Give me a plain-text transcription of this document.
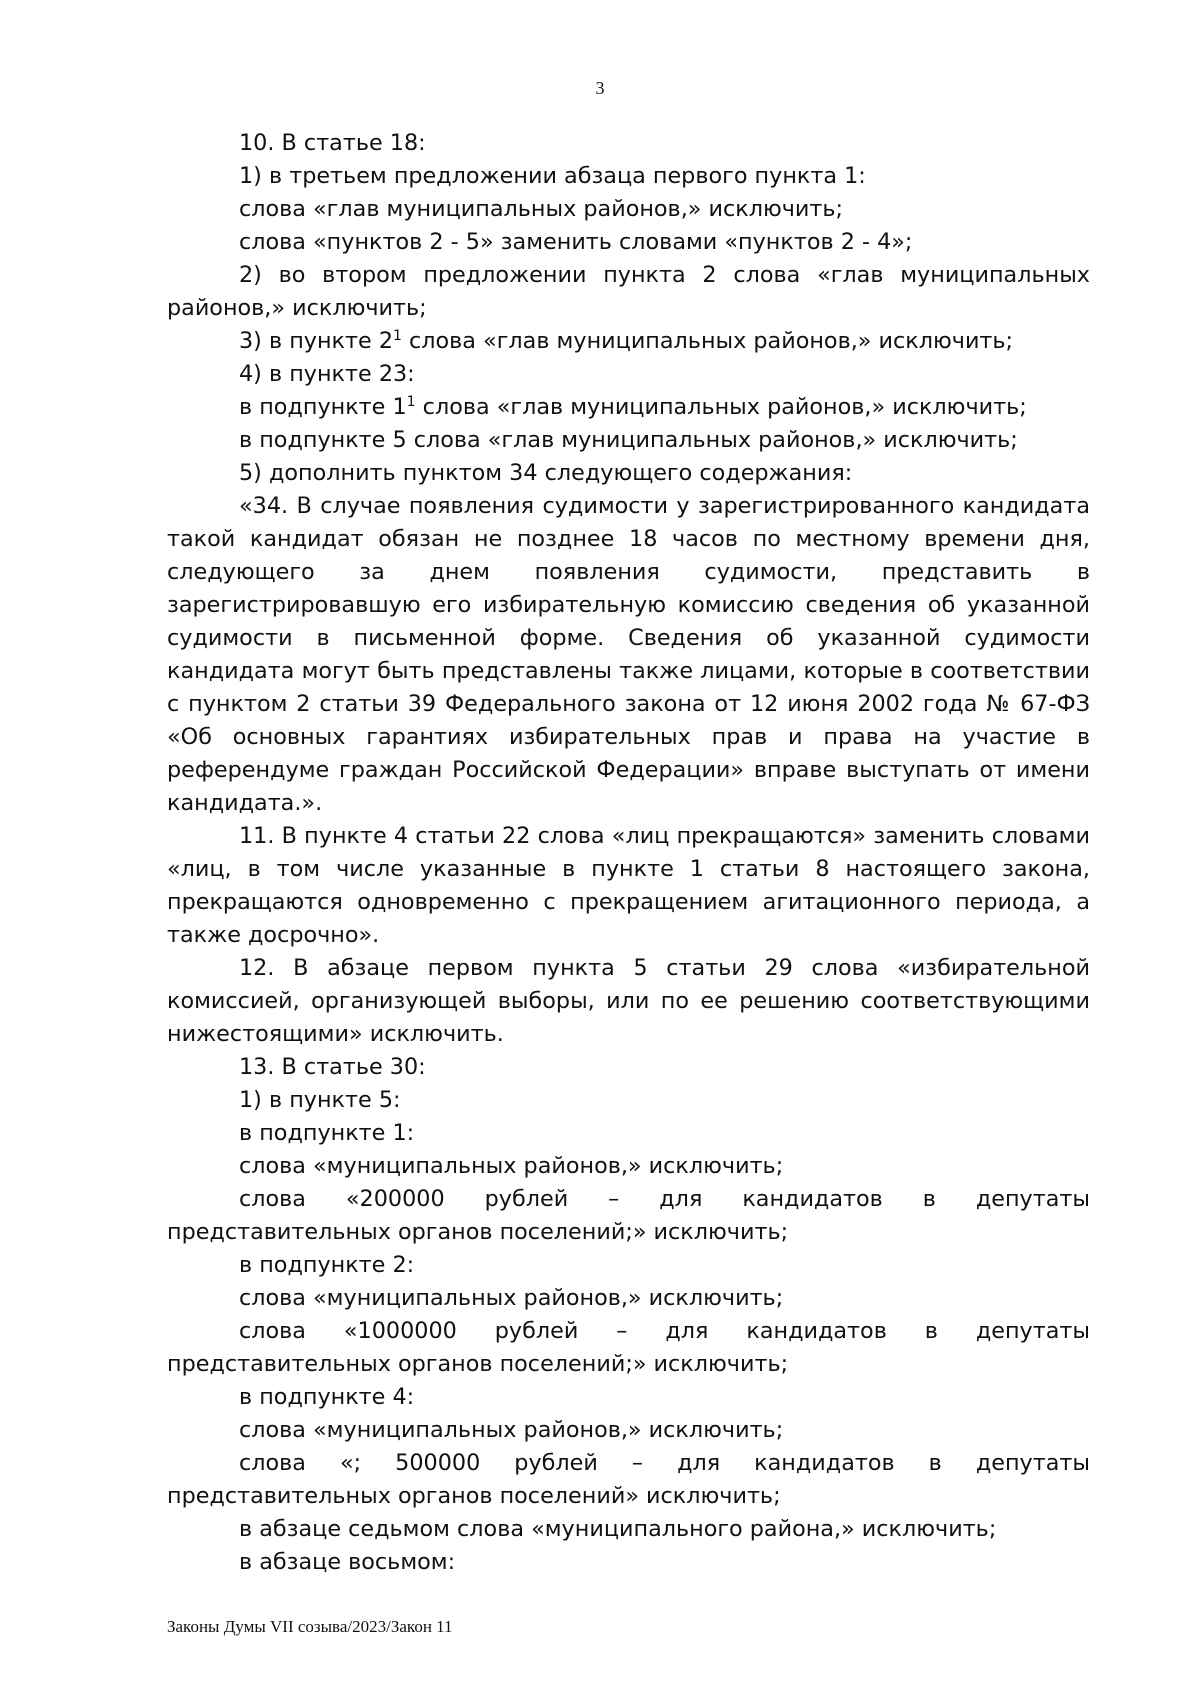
3

10. В статье 18:

1) в третьем предложении абзаца первого пункта 1:

слова «глав муниципальных районов,» исключить;

слова «пунктов 2 - 5» заменить словами «пунктов 2 - 4»;

2) во втором предложении пункта 2 слова «глав муниципальных районов,» исключить;

3) в пункте $2^1$ слова «глав муниципальных районов,» исключить;

4) в пункте 23:

в подпункте $1^1$ слова «глав муниципальных районов,» исключить;

в подпункте 5 слова «глав муниципальных районов,» исключить;

5) дополнить пунктом 34 следующего содержания:

«34. В случае появления судимости у зарегистрированного кандидата такой кандидат обязан не позднее 18 часов по местному времени дня, следующего за днем появления судимости, представить в зарегистрировавшую его избирательную комиссию сведения об указанной судимости в письменной форме. Сведения об указанной судимости кандидата могут быть представлены также лицами, которые в соответствии с пунктом 2 статьи 39 Федерального закона от 12 июня 2002 года № 67-ФЗ «Об основных гарантиях избирательных прав и права на участие в референдуме граждан Российской Федерации» вправе выступать от имени кандидата.».

11. В пункте 4 статьи 22 слова «лиц прекращаются» заменить словами «лиц, в том числе указанные в пункте 1 статьи 8 настоящего закона, прекращаются одновременно с прекращением агитационного периода, а также досрочно».

12. В абзаце первом пункта 5 статьи 29 слова «избирательной комиссией, организующей выборы, или по ее решению соответствующими нижестоящими» исключить.

13. В статье 30:

1) в пункте 5:

в подпункте 1:

слова «муниципальных районов,» исключить;

слова «200000 рублей – для кандидатов в депутаты представительных органов поселений;» исключить;

в подпункте 2:

слова «муниципальных районов,» исключить;

слова «1000000 рублей – для кандидатов в депутаты представительных органов поселений;» исключить;

в подпункте 4:

слова «муниципальных районов,» исключить;

слова «; 500000 рублей – для кандидатов в депутаты представительных органов поселений» исключить;

в абзаце седьмом слова «муниципального района,» исключить;

в абзаце восьмом:

Законы Думы VII созыва/2023/Закон 11
